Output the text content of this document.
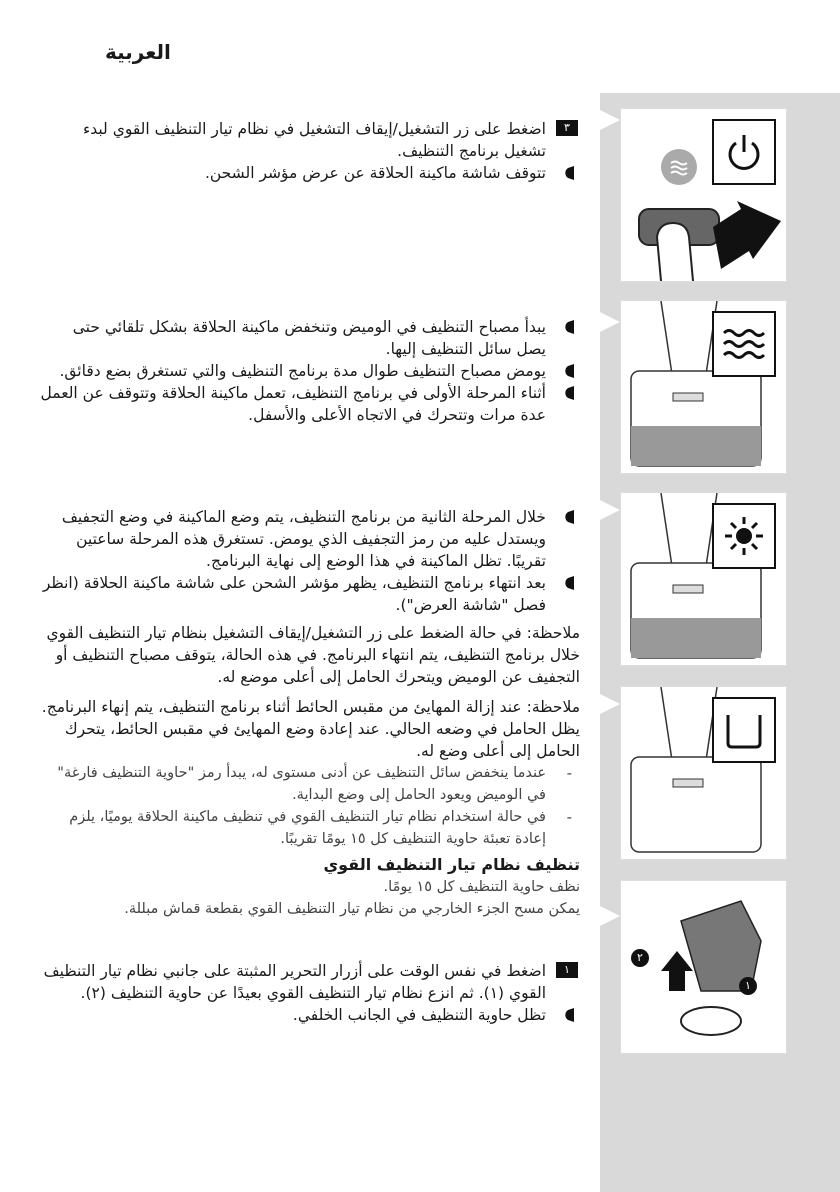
العربية
٣

اضغط على زر التشغيل/إيقاف التشغيل في نظام تيار التنظيف القوي لبدء تشغيل برنامج التنظيف.

تتوقف شاشة ماكينة الحلاقة عن عرض مؤشر الشحن.

يبدأ مصباح التنظيف في الوميض وتنخفض ماكينة الحلاقة بشكل تلقائي حتى يصل سائل التنظيف إليها.

يومض مصباح التنظيف طوال مدة برنامج التنظيف والتي تستغرق بضع دقائق.

أثناء المرحلة الأولى في برنامج التنظيف، تعمل ماكينة الحلاقة وتتوقف عن العمل عدة مرات وتتحرك في الاتجاه الأعلى والأسفل.

خلال المرحلة الثانية من برنامج التنظيف، يتم وضع الماكينة في وضع التجفيف ويستدل عليه من رمز التجفيف الذي يومض. تستغرق هذه المرحلة ساعتين تقريبًا. تظل الماكينة في هذا الوضع إلى نهاية البرنامج.

بعد انتهاء برنامج التنظيف، يظهر مؤشر الشحن على شاشة ماكينة الحلاقة (انظر فصل "شاشة العرض").

ملاحظة: في حالة الضغط على زر التشغيل/إيقاف التشغيل بنظام تيار التنظيف القوي خلال برنامج التنظيف، يتم انتهاء البرنامج. في هذه الحالة، يتوقف مصباح التنظيف أو التجفيف عن الوميض ويتحرك الحامل إلى أعلى موضع له.

ملاحظة: عند إزالة المهايئ من مقبس الحائط أثناء برنامج التنظيف، يتم إنهاء البرنامج. يظل الحامل في وضعه الحالي. عند إعادة وضع المهايئ في مقبس الحائط، يتحرك الحامل إلى أعلى وضع له.

-

عندما ينخفض سائل التنظيف عن أدنى مستوى له، يبدأ رمز "حاوية التنظيف فارغة" في الوميض ويعود الحامل إلى وضع البداية.

-

في حالة استخدام نظام تيار التنظيف القوي في تنظيف ماكينة الحلاقة يوميًا، يلزم إعادة تعبئة حاوية التنظيف كل ١٥ يومًا تقريبًا.

تنظيف نظام تيار التنظيف القوي

نظف حاوية التنظيف كل ١٥ يومًا.

يمكن مسح الجزء الخارجي من نظام تيار التنظيف القوي بقطعة قماش مبللة.

١

اضغط في نفس الوقت على أزرار التحرير المثبتة على جانبي نظام تيار التنظيف القوي (١). ثم انزع نظام تيار التنظيف القوي بعيدًا عن حاوية التنظيف (٢).

تظل حاوية التنظيف في الجانب الخلفي.

٢
١
